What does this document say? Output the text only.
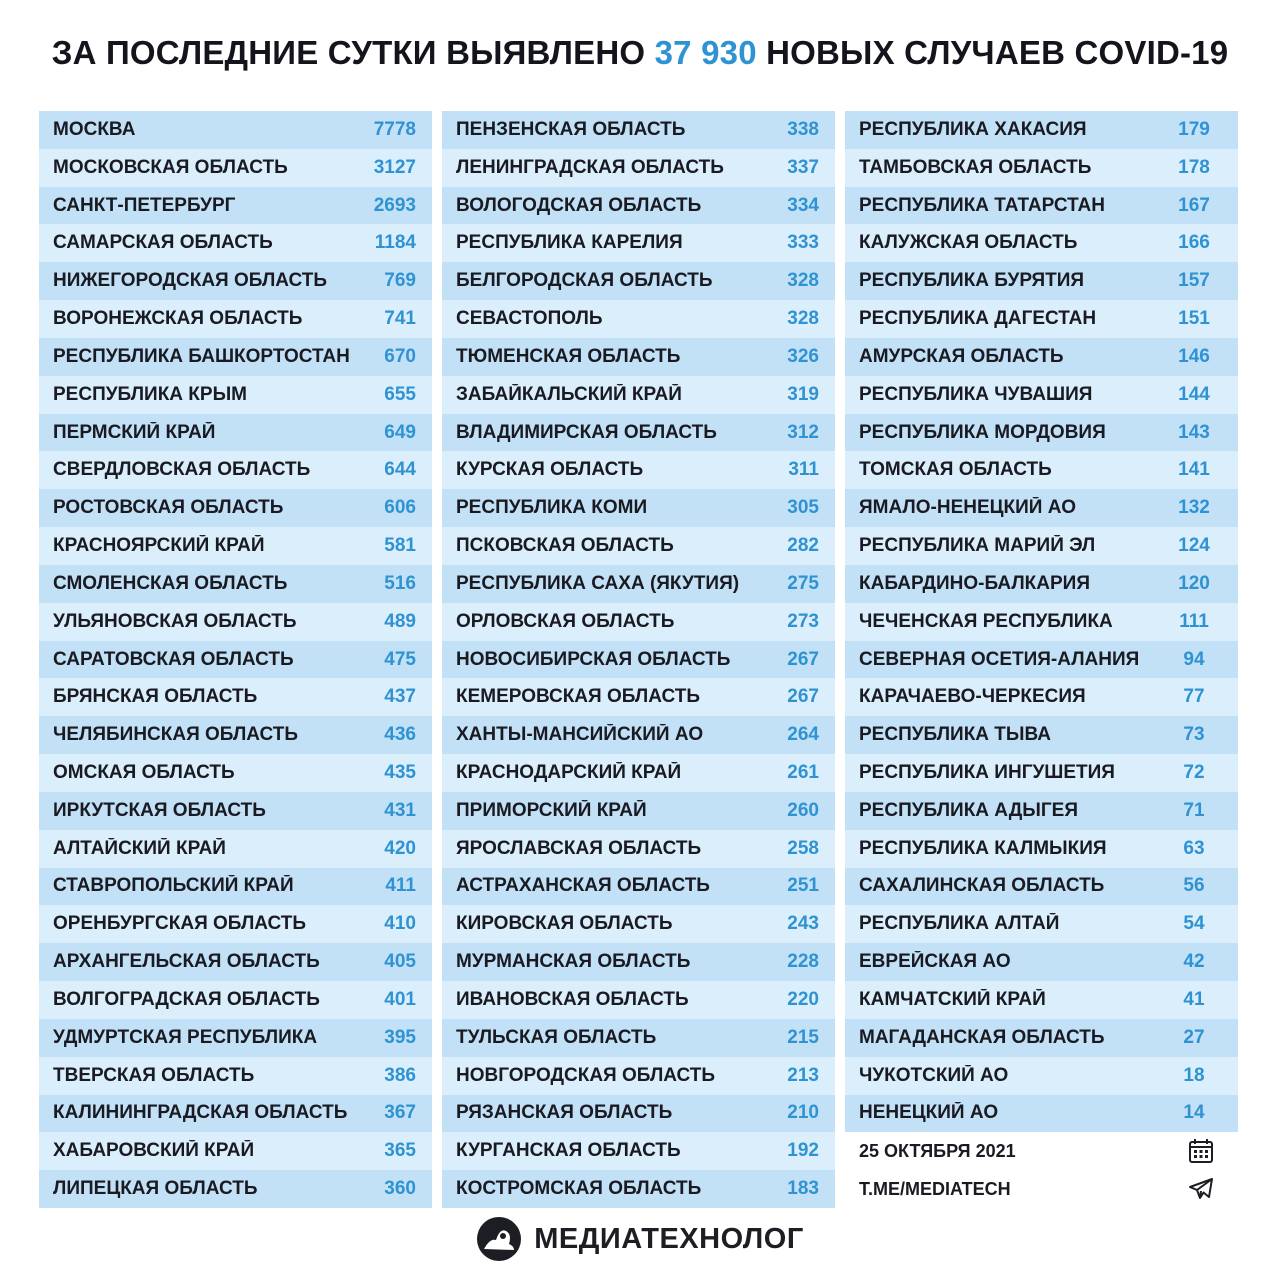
ЗА ПОСЛЕДНИЕ СУТКИ ВЫЯВЛЕНО 37 930 НОВЫХ СЛУЧАЕВ COVID-19
МОСКВА	7778
МОСКОВСКАЯ ОБЛАСТЬ	3127
САНКТ-ПЕТЕРБУРГ	2693
САМАРСКАЯ ОБЛАСТЬ	1184
НИЖЕГОРОДСКАЯ ОБЛАСТЬ	769
ВОРОНЕЖСКАЯ ОБЛАСТЬ	741
РЕСПУБЛИКА БАШКОРТОСТАН	670
РЕСПУБЛИКА КРЫМ	655
ПЕРМСКИЙ КРАЙ	649
СВЕРДЛОВСКАЯ ОБЛАСТЬ	644
РОСТОВСКАЯ ОБЛАСТЬ	606
КРАСНОЯРСКИЙ КРАЙ	581
СМОЛЕНСКАЯ ОБЛАСТЬ	516
УЛЬЯНОВСКАЯ ОБЛАСТЬ	489
САРАТОВСКАЯ ОБЛАСТЬ	475
БРЯНСКАЯ ОБЛАСТЬ	437
ЧЕЛЯБИНСКАЯ ОБЛАСТЬ	436
ОМСКАЯ ОБЛАСТЬ	435
ИРКУТСКАЯ ОБЛАСТЬ	431
АЛТАЙСКИЙ КРАЙ	420
СТАВРОПОЛЬСКИЙ КРАЙ	411
ОРЕНБУРГСКАЯ ОБЛАСТЬ	410
АРХАНГЕЛЬСКАЯ ОБЛАСТЬ	405
ВОЛГОГРАДСКАЯ ОБЛАСТЬ	401
УДМУРТСКАЯ РЕСПУБЛИКА	395
ТВЕРСКАЯ ОБЛАСТЬ	386
КАЛИНИНГРАДСКАЯ ОБЛАСТЬ	367
ХАБАРОВСКИЙ КРАЙ	365
ЛИПЕЦКАЯ ОБЛАСТЬ	360
ПЕНЗЕНСКАЯ ОБЛАСТЬ	338
ЛЕНИНГРАДСКАЯ ОБЛАСТЬ	337
ВОЛОГОДСКАЯ ОБЛАСТЬ	334
РЕСПУБЛИКА КАРЕЛИЯ	333
БЕЛГОРОДСКАЯ ОБЛАСТЬ	328
СЕВАСТОПОЛЬ	328
ТЮМЕНСКАЯ ОБЛАСТЬ	326
ЗАБАЙКАЛЬСКИЙ КРАЙ	319
ВЛАДИМИРСКАЯ ОБЛАСТЬ	312
КУРСКАЯ ОБЛАСТЬ	311
РЕСПУБЛИКА КОМИ	305
ПСКОВСКАЯ ОБЛАСТЬ	282
РЕСПУБЛИКА САХА (ЯКУТИЯ)	275
ОРЛОВСКАЯ ОБЛАСТЬ	273
НОВОСИБИРСКАЯ ОБЛАСТЬ	267
КЕМЕРОВСКАЯ ОБЛАСТЬ	267
ХАНТЫ-МАНСИЙСКИЙ АО	264
КРАСНОДАРСКИЙ КРАЙ	261
ПРИМОРСКИЙ КРАЙ	260
ЯРОСЛАВСКАЯ ОБЛАСТЬ	258
АСТРАХАНСКАЯ ОБЛАСТЬ	251
КИРОВСКАЯ ОБЛАСТЬ	243
МУРМАНСКАЯ ОБЛАСТЬ	228
ИВАНОВСКАЯ ОБЛАСТЬ	220
ТУЛЬСКАЯ ОБЛАСТЬ	215
НОВГОРОДСКАЯ ОБЛАСТЬ	213
РЯЗАНСКАЯ ОБЛАСТЬ	210
КУРГАНСКАЯ ОБЛАСТЬ	192
КОСТРОМСКАЯ ОБЛАСТЬ	183
РЕСПУБЛИКА ХАКАСИЯ	179
ТАМБОВСКАЯ ОБЛАСТЬ	178
РЕСПУБЛИКА ТАТАРСТАН	167
КАЛУЖСКАЯ ОБЛАСТЬ	166
РЕСПУБЛИКА БУРЯТИЯ	157
РЕСПУБЛИКА ДАГЕСТАН	151
АМУРСКАЯ ОБЛАСТЬ	146
РЕСПУБЛИКА ЧУВАШИЯ	144
РЕСПУБЛИКА МОРДОВИЯ	143
ТОМСКАЯ ОБЛАСТЬ	141
ЯМАЛО-НЕНЕЦКИЙ АО	132
РЕСПУБЛИКА МАРИЙ ЭЛ	124
КАБАРДИНО-БАЛКАРИЯ	120
ЧЕЧЕНСКАЯ РЕСПУБЛИКА	111
СЕВЕРНАЯ ОСЕТИЯ-АЛАНИЯ	94
КАРАЧАЕВО-ЧЕРКЕСИЯ	77
РЕСПУБЛИКА ТЫВА	73
РЕСПУБЛИКА ИНГУШЕТИЯ	72
РЕСПУБЛИКА АДЫГЕЯ	71
РЕСПУБЛИКА КАЛМЫКИЯ	63
САХАЛИНСКАЯ ОБЛАСТЬ	56
РЕСПУБЛИКА АЛТАЙ	54
ЕВРЕЙСКАЯ АО	42
КАМЧАТСКИЙ КРАЙ	41
МАГАДАНСКАЯ ОБЛАСТЬ	27
ЧУКОТСКИЙ АО	18
НЕНЕЦКИЙ АО	14
25 ОКТЯБРЯ 2021
T.ME/MEDIATECH
МЕДИАТЕХНОЛОГ
